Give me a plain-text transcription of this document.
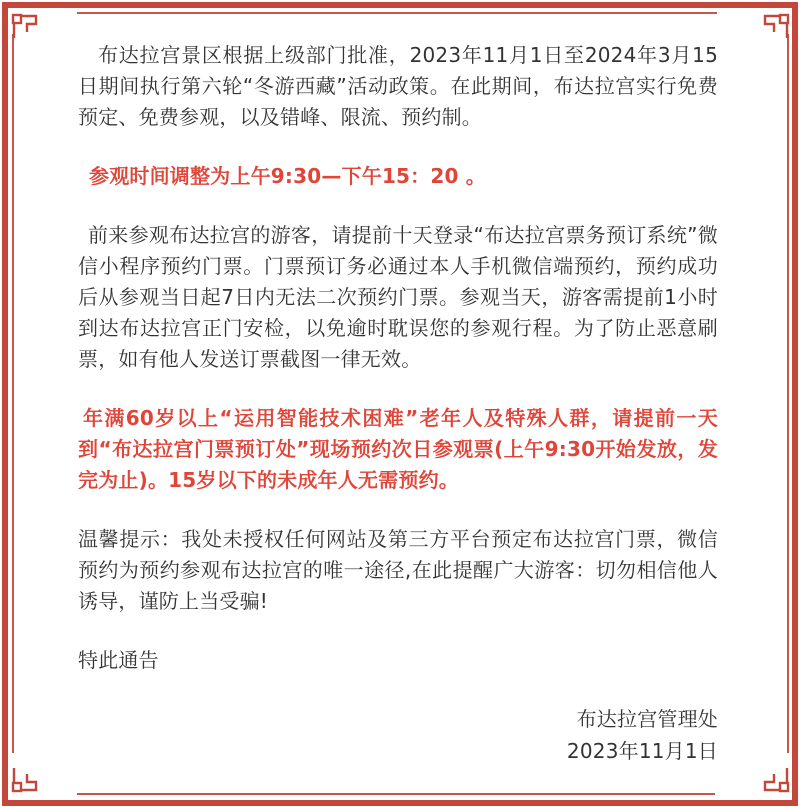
布达拉宫景区根据上级部门批准，2023年11月1日至2024年3月15日期间执行第六轮“冬游西藏”活动政策。在此期间，布达拉宫实行免费预定、免费参观，以及错峰、限流、预约制。

参观时间调整为上午9:30—下午15：20 。

前来参观布达拉宫的游客，请提前十天登录“布达拉宫票务预订系统”微信小程序预约门票。门票预订务必通过本人手机微信端预约，预约成功后从参观当日起7日内无法二次预约门票。参观当天，游客需提前1小时到达布达拉宫正门安检，以免逾时耽误您的参观行程。为了防止恶意刷票，如有他人发送订票截图一律无效。

年满60岁以上“运用智能技术困难”老年人及特殊人群，请提前一天到“布达拉宫门票预订处”现场预约次日参观票(上午9:30开始发放，发完为止)。15岁以下的未成年人无需预约。

温馨提示：我处未授权任何网站及第三方平台预定布达拉宫门票，微信预约为预约参观布达拉宫的唯一途径,在此提醒广大游客：切勿相信他人诱导，谨防上当受骗!

特此通告

布达拉宫管理处
2023年11月1日
